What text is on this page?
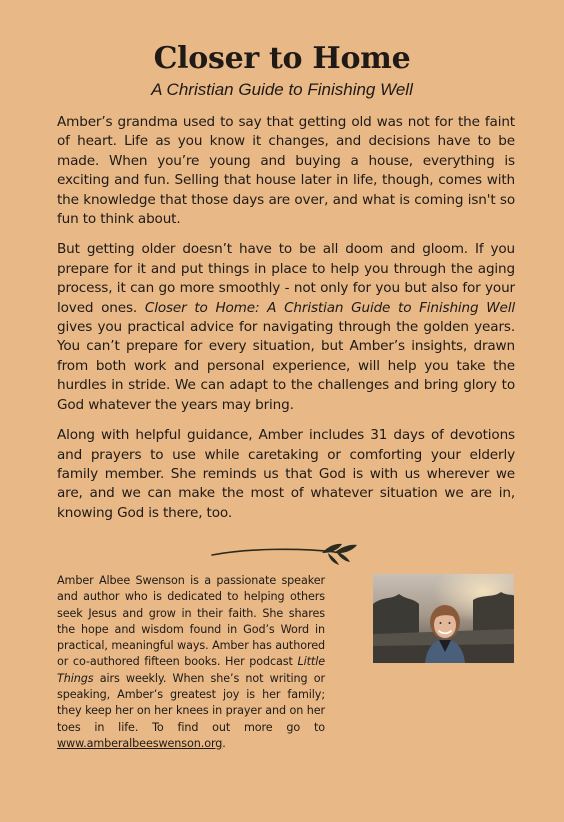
Closer to Home
A Christian Guide to Finishing Well

Amber’s grandma used to say that getting old was not for the faint of heart. Life as you know it changes, and decisions have to be made. When you’re young and buying a house, everything is exciting and fun. Selling that house later in life, though, comes with the knowledge that those days are over, and what is coming isn't so fun to think about.

But getting older doesn’t have to be all doom and gloom. If you prepare for it and put things in place to help you through the aging process, it can go more smoothly - not only for you but also for your loved ones. Closer to Home: A Christian Guide to Finishing Well gives you practical advice for navigating through the golden years. You can’t prepare for every situation, but Amber’s insights, drawn from both work and personal experience, will help you take the hurdles in stride. We can adapt to the challenges and bring glory to God whatever the years may bring.

Along with helpful guidance, Amber includes 31 days of devotions and prayers to use while caretaking or comforting your elderly family member. She reminds us that God is with us wherever we are, and we can make the most of whatever situation we are in, knowing God is there, too.

Amber Albee Swenson is a passionate speaker and author who is dedicated to helping others seek Jesus and grow in their faith. She shares the hope and wisdom found in God’s Word in practical, meaningful ways. Amber has authored or co-authored fifteen books. Her podcast Little Things airs weekly. When she’s not writing or speaking, Amber’s greatest joy is her family; they keep her on her knees in prayer and on her toes in life. To find out more go to www.amberalbeeswenson.org.
